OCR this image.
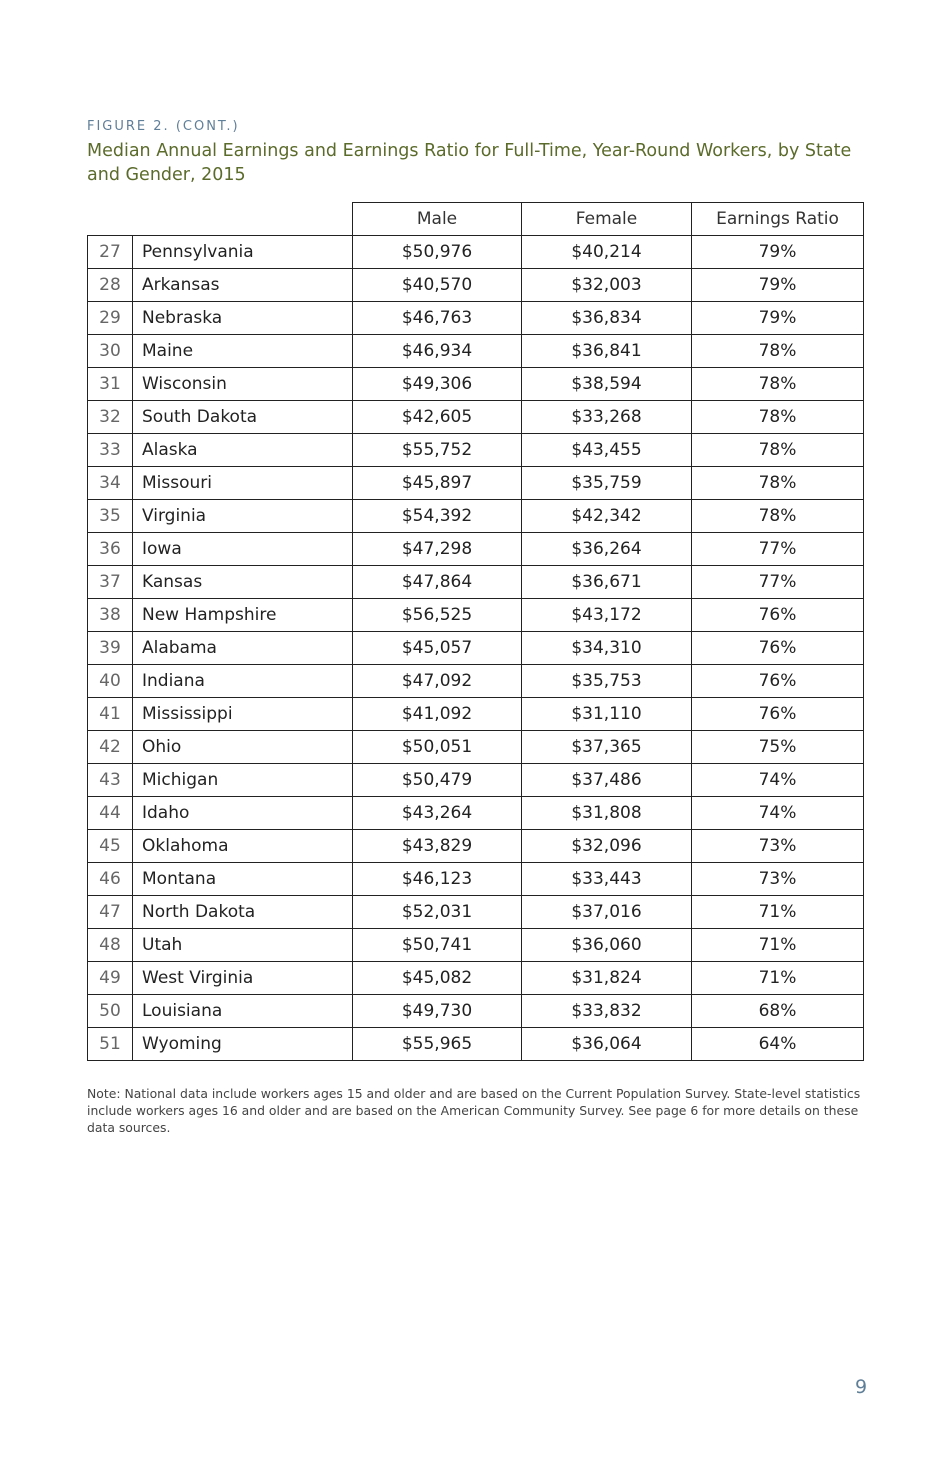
FIGURE 2. (CONT.)
Median Annual Earnings and Earnings Ratio for Full-Time, Year-Round Workers, by State and Gender, 2015
		Male	Female	Earnings Ratio
27	Pennsylvania	$50,976	$40,214	79%
28	Arkansas	$40,570	$32,003	79%
29	Nebraska	$46,763	$36,834	79%
30	Maine	$46,934	$36,841	78%
31	Wisconsin	$49,306	$38,594	78%
32	South Dakota	$42,605	$33,268	78%
33	Alaska	$55,752	$43,455	78%
34	Missouri	$45,897	$35,759	78%
35	Virginia	$54,392	$42,342	78%
36	Iowa	$47,298	$36,264	77%
37	Kansas	$47,864	$36,671	77%
38	New Hampshire	$56,525	$43,172	76%
39	Alabama	$45,057	$34,310	76%
40	Indiana	$47,092	$35,753	76%
41	Mississippi	$41,092	$31,110	76%
42	Ohio	$50,051	$37,365	75%
43	Michigan	$50,479	$37,486	74%
44	Idaho	$43,264	$31,808	74%
45	Oklahoma	$43,829	$32,096	73%
46	Montana	$46,123	$33,443	73%
47	North Dakota	$52,031	$37,016	71%
48	Utah	$50,741	$36,060	71%
49	West Virginia	$45,082	$31,824	71%
50	Louisiana	$49,730	$33,832	68%
51	Wyoming	$55,965	$36,064	64%
Note: National data include workers ages 15 and older and are based on the Current Population Survey. State-level statistics include workers ages 16 and older and are based on the American Community Survey. See page 6 for more details on these data sources.
9
